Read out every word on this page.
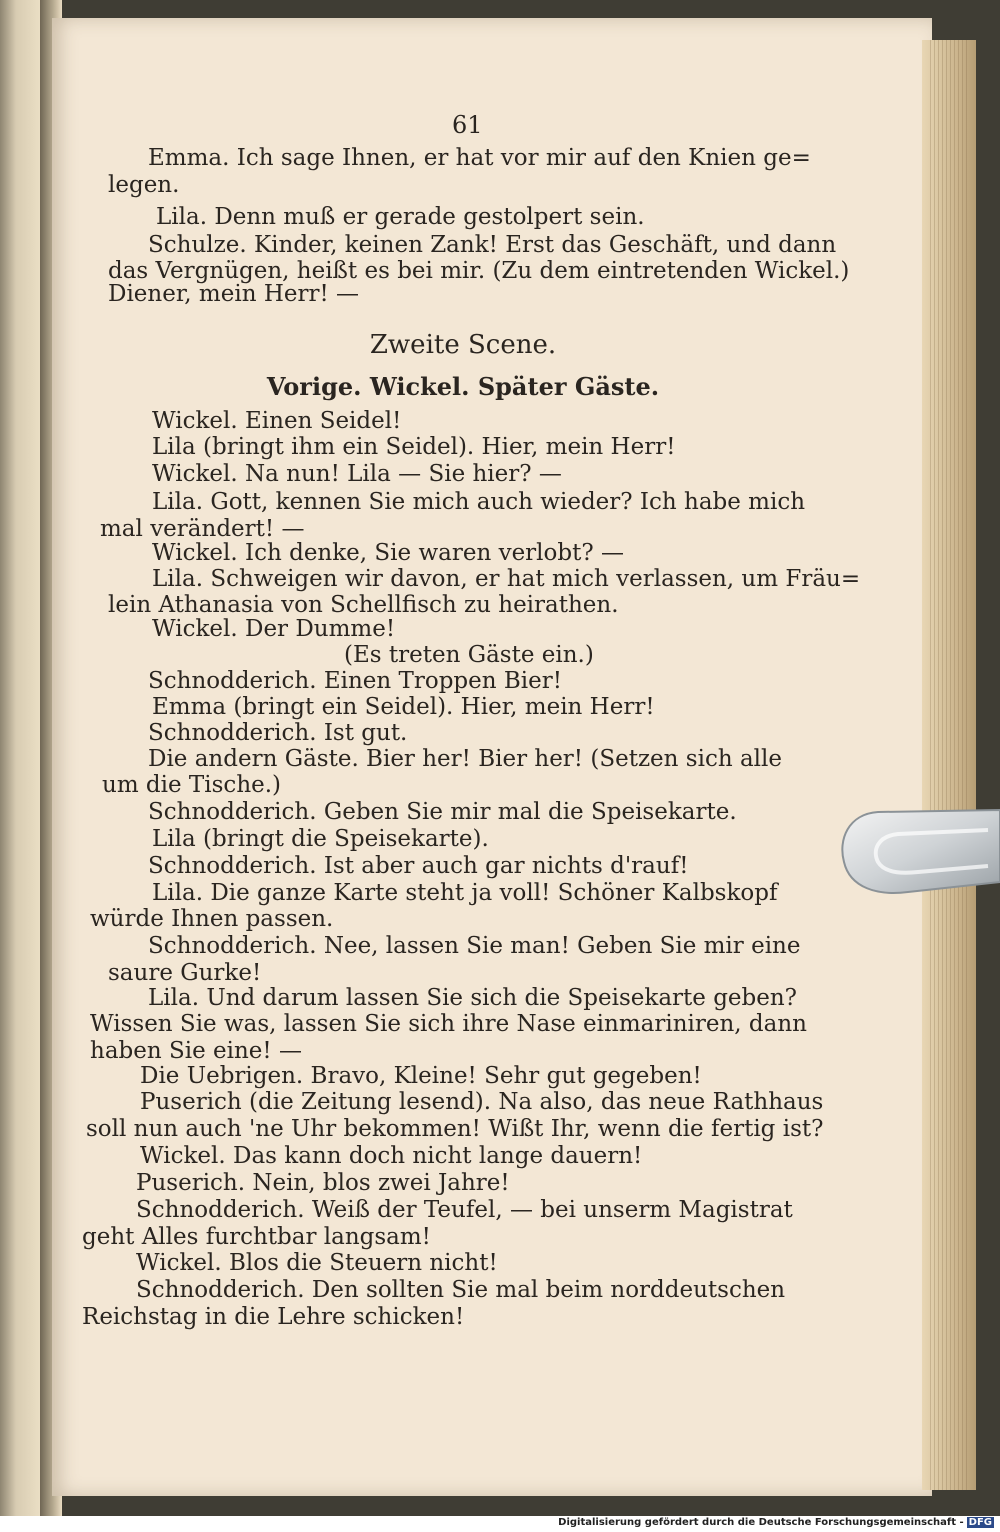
61
Emma. Ich sage Ihnen, er hat vor mir auf den Knien ge=
legen.
Lila. Denn muß er gerade gestolpert sein.
Schulze. Kinder, keinen Zank! Erst das Geschäft, und dann
das Vergnügen, heißt es bei mir. (Zu dem eintretenden Wickel.)
Diener, mein Herr! —
Zweite Scene.
Vorige. Wickel. Später Gäste.
Wickel. Einen Seidel!
Lila (bringt ihm ein Seidel). Hier, mein Herr!
Wickel. Na nun! Lila — Sie hier? —
Lila. Gott, kennen Sie mich auch wieder? Ich habe mich
mal verändert! —
Wickel. Ich denke, Sie waren verlobt? —
Lila. Schweigen wir davon, er hat mich verlassen, um Fräu=
lein Athanasia von Schellfisch zu heirathen.
Wickel. Der Dumme!
(Es treten Gäste ein.)
Schnodderich. Einen Troppen Bier!
Emma (bringt ein Seidel). Hier, mein Herr!
Schnodderich. Ist gut.
Die andern Gäste. Bier her! Bier her! (Setzen sich alle
um die Tische.)
Schnodderich. Geben Sie mir mal die Speisekarte.
Lila (bringt die Speisekarte).
Schnodderich. Ist aber auch gar nichts d'rauf!
Lila. Die ganze Karte steht ja voll! Schöner Kalbskopf
würde Ihnen passen.
Schnodderich. Nee, lassen Sie man! Geben Sie mir eine
saure Gurke!
Lila. Und darum lassen Sie sich die Speisekarte geben?
Wissen Sie was, lassen Sie sich ihre Nase einmariniren, dann
haben Sie eine! —
Die Uebrigen. Bravo, Kleine! Sehr gut gegeben!
Puserich (die Zeitung lesend). Na also, das neue Rathhaus
soll nun auch 'ne Uhr bekommen! Wißt Ihr, wenn die fertig ist?
Wickel. Das kann doch nicht lange dauern!
Puserich. Nein, blos zwei Jahre!
Schnodderich. Weiß der Teufel, — bei unserm Magistrat
geht Alles furchtbar langsam!
Wickel. Blos die Steuern nicht!
Schnodderich. Den sollten Sie mal beim norddeutschen
Reichstag in die Lehre schicken!
Digitalisierung gefördert durch die Deutsche Forschungsgemeinschaft - DFG
